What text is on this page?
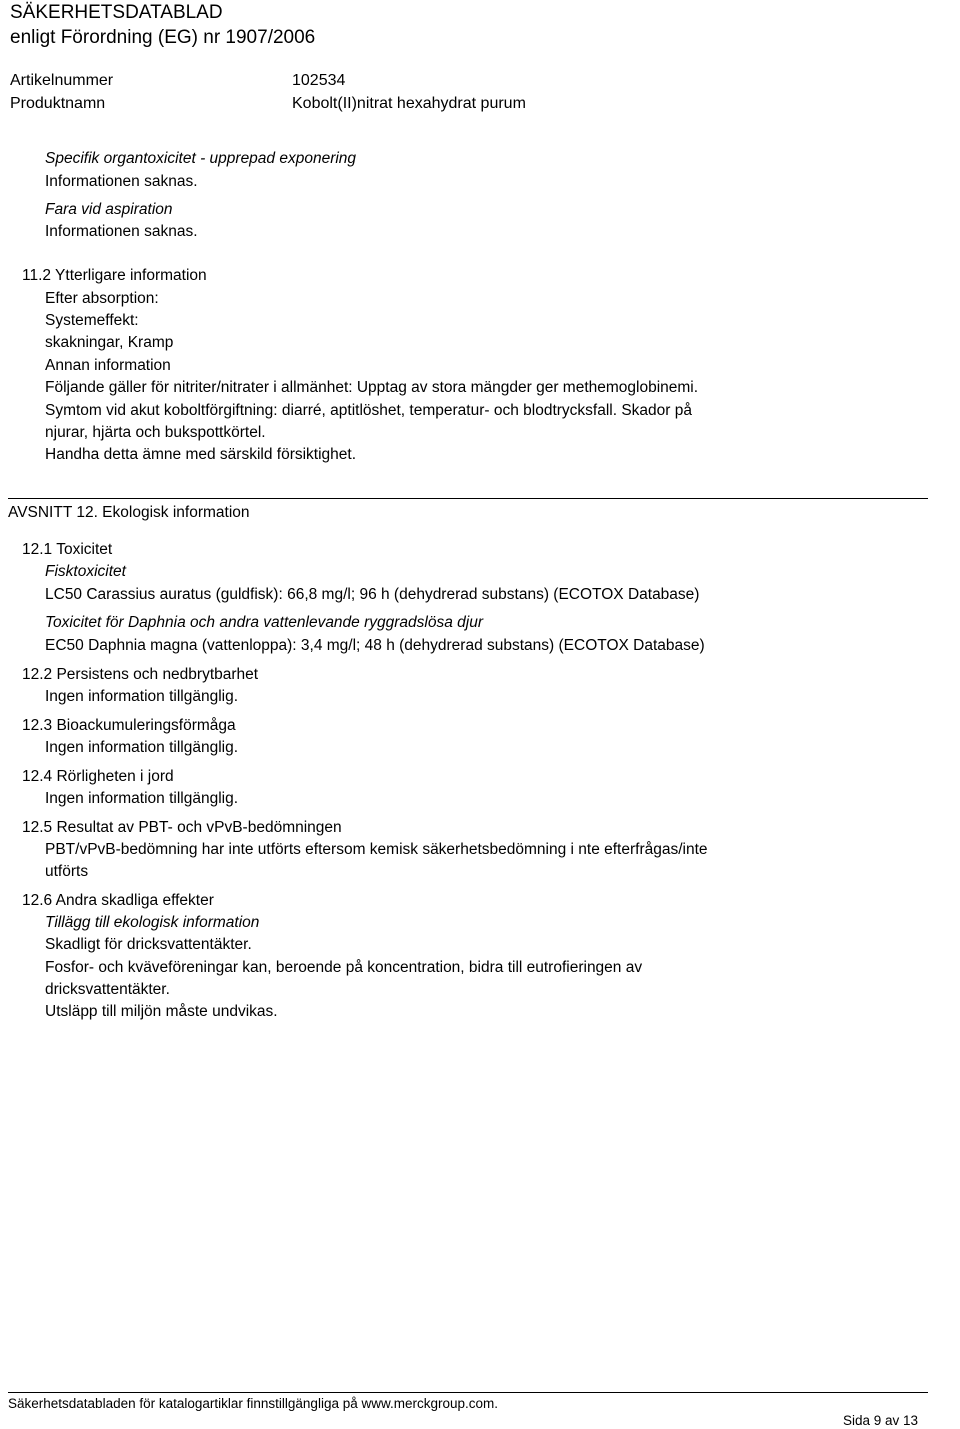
SÄKERHETSDATABLAD
enligt Förordning (EG) nr 1907/2006
Artikelnummer	102534
Produktnamn	Kobolt(II)nitrat hexahydrat purum
Specifik organtoxicitet - upprepad exponering
Informationen saknas.
Fara vid aspiration
Informationen saknas.
11.2 Ytterligare information
Efter absorption:
Systemeffekt:
skakningar, Kramp
Annan information
Följande gäller för nitriter/nitrater i allmänhet: Upptag av stora mängder ger methemoglobinemi.
Symtom vid akut koboltförgiftning: diarré, aptitlöshet, temperatur- och blodtrycksfall. Skador på
njurar, hjärta och bukspottkörtel.
Handha detta ämne med särskild försiktighet.
AVSNITT 12. Ekologisk information
12.1 Toxicitet
Fisktoxicitet
LC50 Carassius auratus (guldfisk): 66,8 mg/l; 96 h (dehydrerad substans) (ECOTOX Database)
Toxicitet för Daphnia och andra vattenlevande ryggradslösa djur
EC50 Daphnia magna (vattenloppa): 3,4 mg/l; 48 h (dehydrerad substans) (ECOTOX Database)
12.2 Persistens och nedbrytbarhet
Ingen information tillgänglig.
12.3 Bioackumuleringsförmåga
Ingen information tillgänglig.
12.4 Rörligheten i jord
Ingen information tillgänglig.
12.5 Resultat av PBT- och vPvB-bedömningen
PBT/vPvB-bedömning har inte utförts eftersom kemisk säkerhetsbedömning i nte efterfrågas/inte
utförts
12.6 Andra skadliga effekter
Tillägg till ekologisk information
Skadligt för dricksvattentäkter.
Fosfor- och kväveföreningar kan, beroende på koncentration, bidra till eutrofieringen av
dricksvattentäkter.
Utsläpp till miljön måste undvikas.
Säkerhetsdatabladen för katalogartiklar finnstillgängliga på www.merckgroup.com.
Sida 9 av 13
